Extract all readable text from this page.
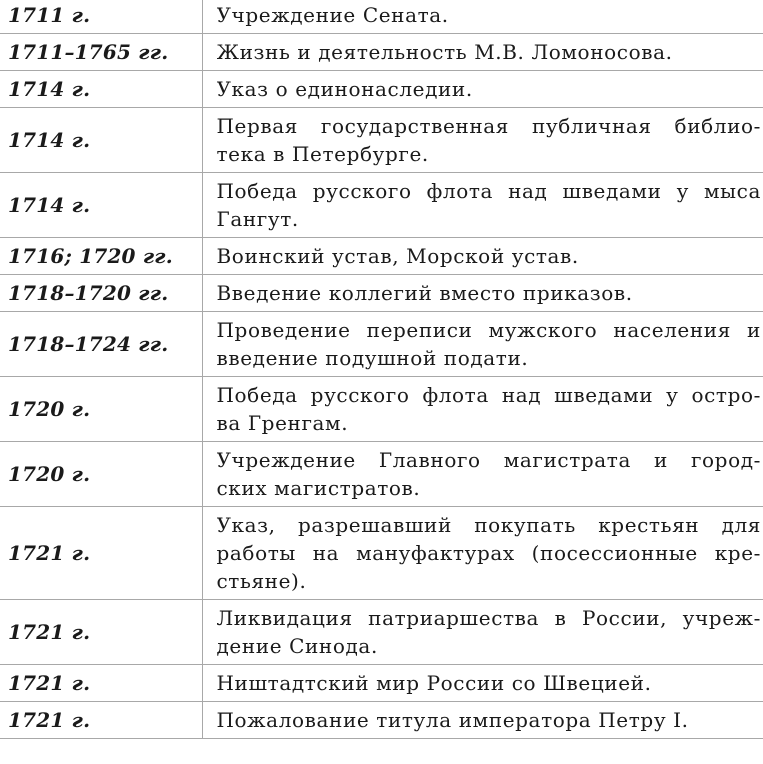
1711 г.	Учреждение Сената.

1711–1765 гг.	Жизнь и деятельность М.В. Ломоносова.

1714 г.	Указ о единонаследии.

1714 г.	Первая государственная публичная библио-
тека в Петербурге.

1714 г.	Победа русского флота над шведами у мыса
Гангут.

1716; 1720 гг.	Воинский устав, Морской устав.

1718–1720 гг.	Введение коллегий вместо приказов.

1718–1724 гг.	Проведение переписи мужского населения и
введение подушной подати.

1720 г.	Победа русского флота над шведами у остро-
ва Гренгам.

1720 г.	Учреждение Главного магистрата и город-
ских магистратов.

1721 г.	Указ, разрешавший покупать крестьян для
работы на мануфактурах (посессионные кре-
стьяне).

1721 г.	Ликвидация патриаршества в России, учреж-
дение Синода.

1721 г.	Ништадтский мир России со Швецией.

1721 г.	Пожалование титула императора Петру I.
